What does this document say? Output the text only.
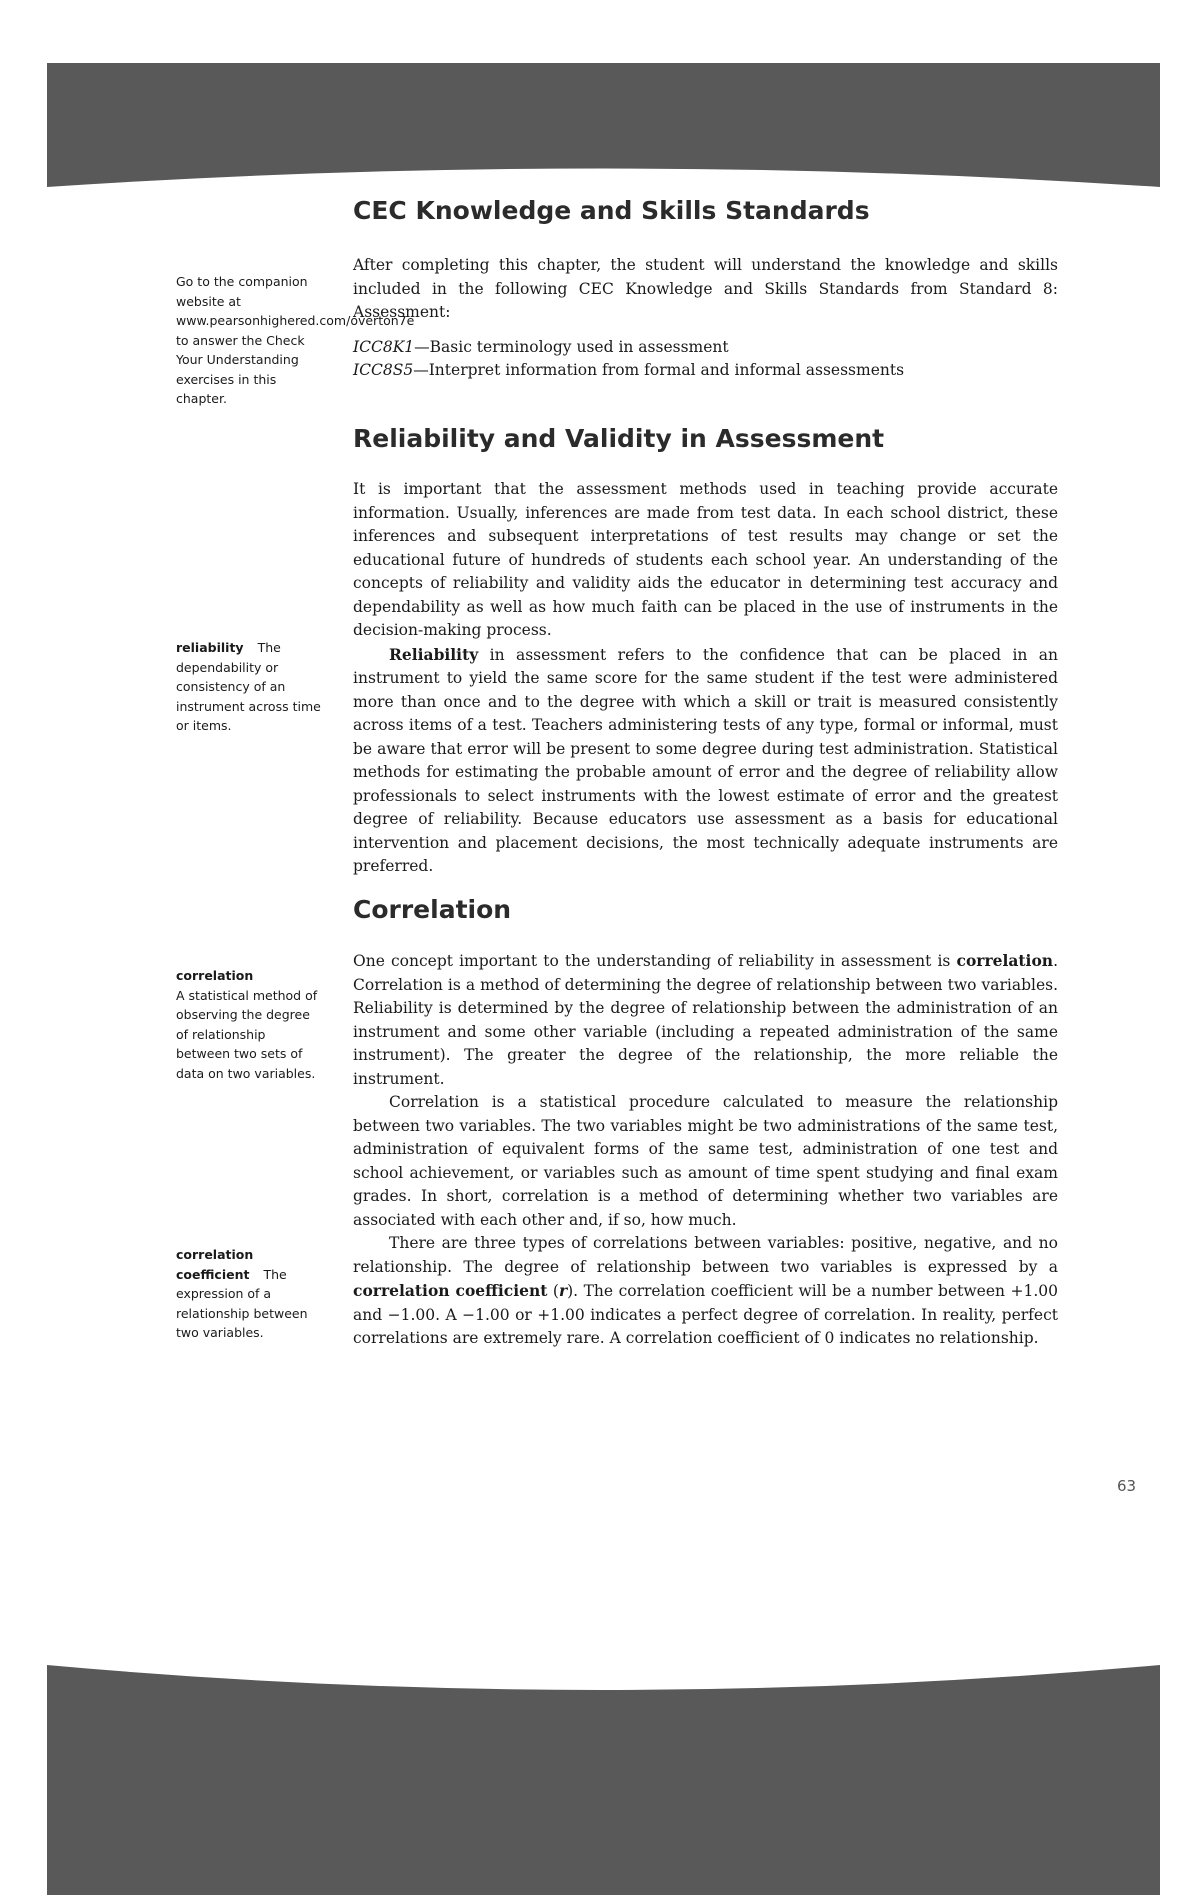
CEC Knowledge and Skills Standards

After completing this chapter, the student will understand the knowledge and skills included in the following CEC Knowledge and Skills Standards from Standard 8: Assessment:

ICC8K1—Basic terminology used in assessment
ICC8S5—Interpret information from formal and informal assessments
Reliability and Validity in Assessment

It is important that the assessment methods used in teaching provide accurate information. Usually, inferences are made from test data. In each school district, these inferences and subsequent interpretations of test results may change or set the educational future of hundreds of students each school year. An understanding of the concepts of reliability and validity aids the educator in determining test accuracy and dependability as well as how much faith can be placed in the use of instruments in the decision-making process.

Reliability in assessment refers to the confidence that can be placed in an instrument to yield the same score for the same student if the test were administered more than once and to the degree with which a skill or trait is measured consistently across items of a test. Teachers administering tests of any type, formal or informal, must be aware that error will be present to some degree during test administration. Statistical methods for estimating the probable amount of error and the degree of reliability allow professionals to select instruments with the lowest estimate of error and the greatest degree of reliability. Because educators use assessment as a basis for educational intervention and placement decisions, the most technically adequate instruments are preferred.

Correlation

One concept important to the understanding of reliability in assessment is correlation. Correlation is a method of determining the degree of relationship between two variables. Reliability is determined by the degree of relationship between the administration of an instrument and some other variable (including a repeated administration of the same instrument). The greater the degree of the relationship, the more reliable the instrument.

Correlation is a statistical procedure calculated to measure the relationship between two variables. The two variables might be two administrations of the same test, administration of equivalent forms of the same test, administration of one test and school achievement, or variables such as amount of time spent studying and final exam grades. In short, correlation is a method of determining whether two variables are associated with each other and, if so, how much.

There are three types of correlations between variables: positive, negative, and no relationship. The degree of relationship between two variables is expressed by a correlation coefficient (r). The correlation coefficient will be a number between +1.00 and −1.00. A −1.00 or +1.00 indicates a perfect degree of correlation. In reality, perfect correlations are extremely rare. A correlation coefficient of 0 indicates no relationship.

Go to the companion website at www.pearsonhighered.com/overton7e to answer the Check Your Understanding exercises in this chapter.
reliability The dependability or consistency of an instrument across time or items.
correlation
A statistical method of observing the degree of relationship between two sets of data on two variables.
correlation coefficient The expression of a relationship between two variables.
63
